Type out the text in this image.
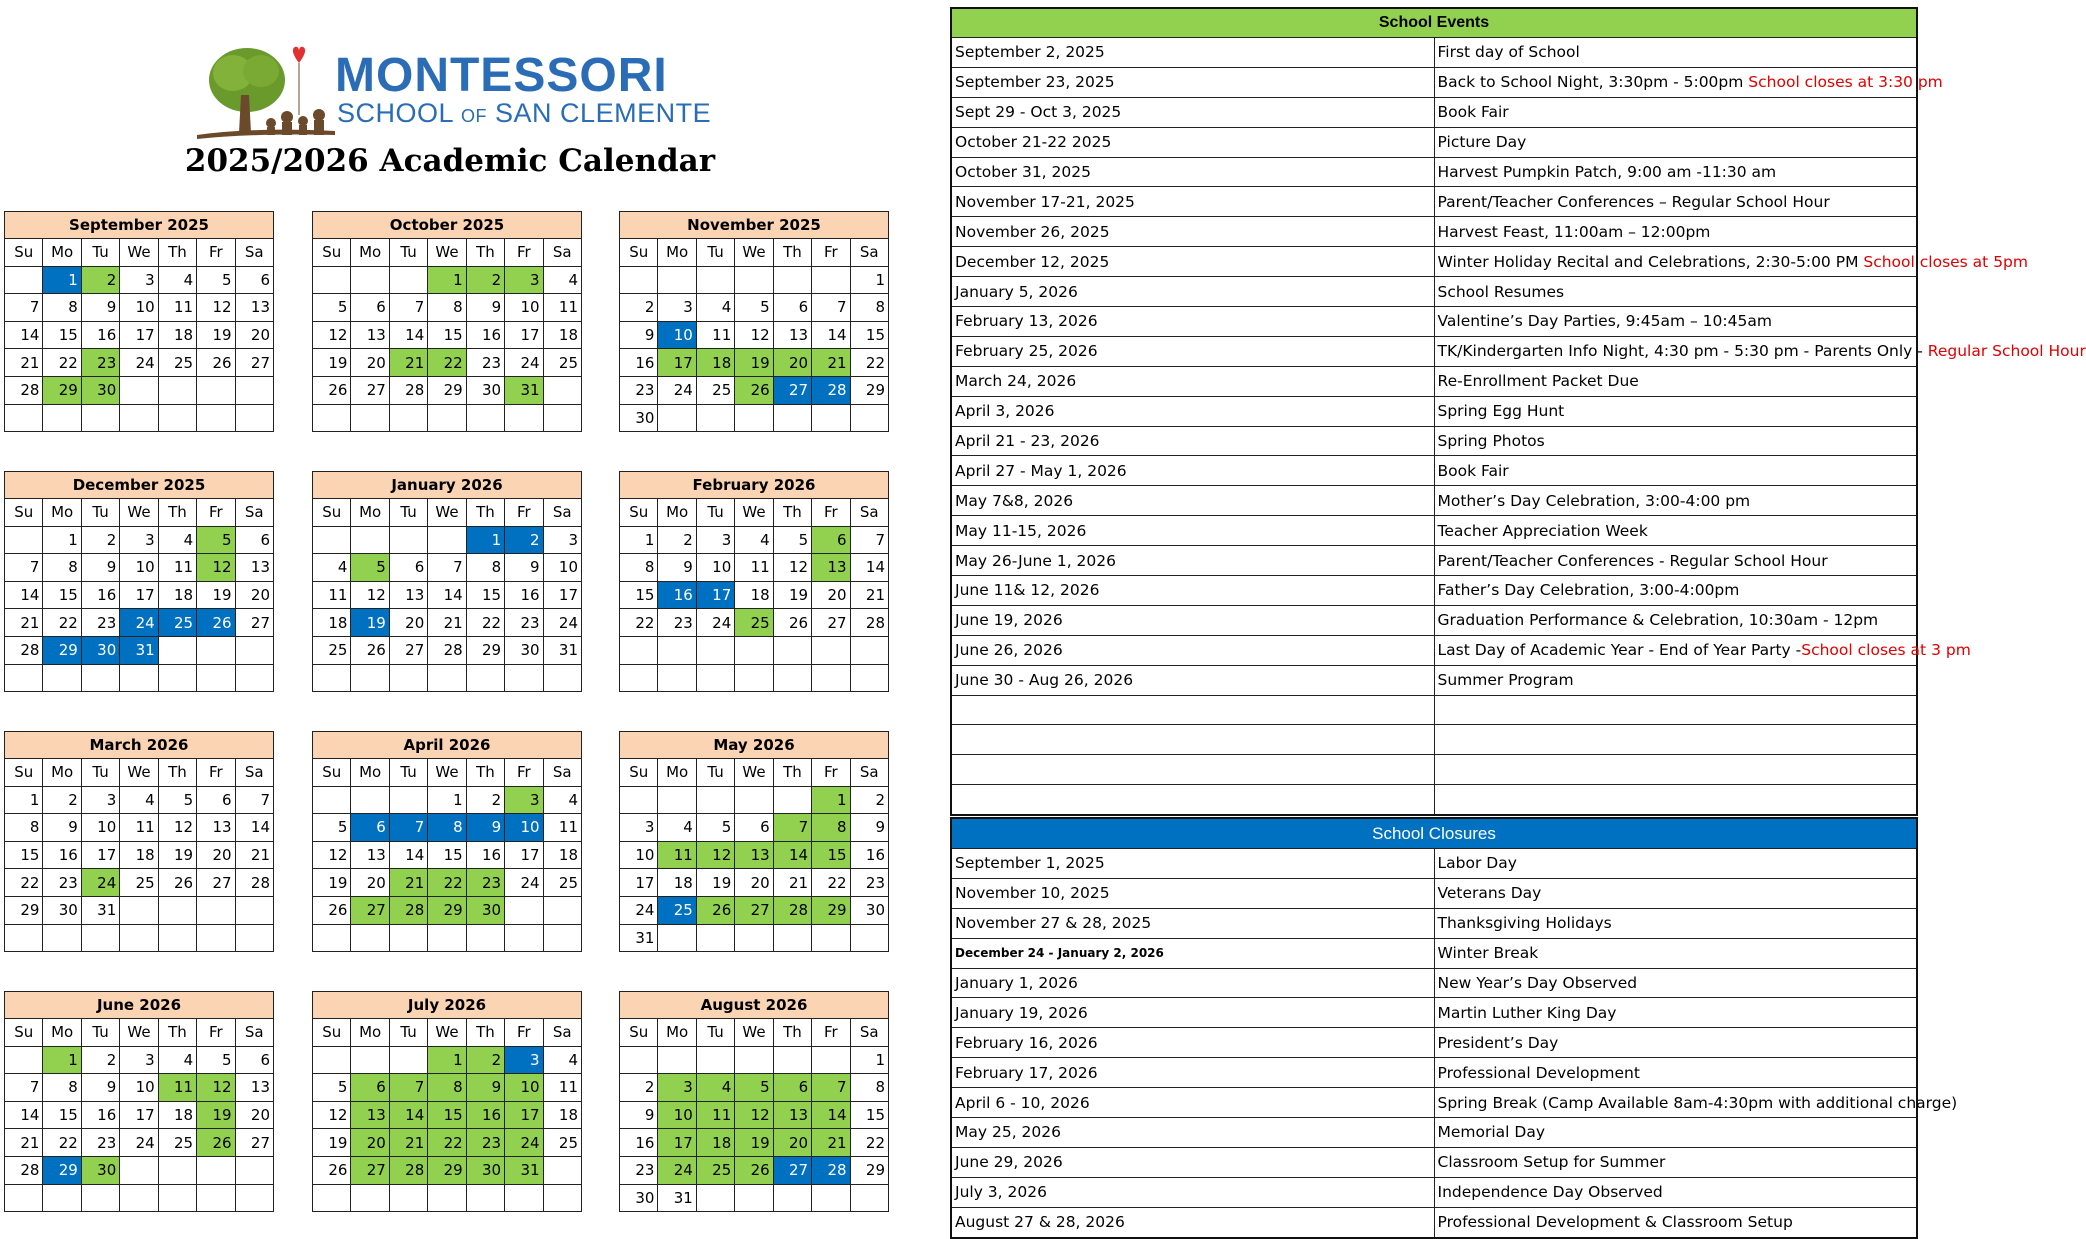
MONTESSORI
SCHOOL OF SAN CLEMENTE
2025/2026 Academic Calendar
September 2025						
Su	Mo	Tu	We	Th	Fr	Sa
	1	2	3	4	5	6
7	8	9	10	11	12	13
14	15	16	17	18	19	20
21	22	23	24	25	26	27
28	29	30				

October 2025						
Su	Mo	Tu	We	Th	Fr	Sa
			1	2	3	4
5	6	7	8	9	10	11
12	13	14	15	16	17	18
19	20	21	22	23	24	25
26	27	28	29	30	31	

November 2025						
Su	Mo	Tu	We	Th	Fr	Sa
						1
2	3	4	5	6	7	8
9	10	11	12	13	14	15
16	17	18	19	20	21	22
23	24	25	26	27	28	29
30						
December 2025						
Su	Mo	Tu	We	Th	Fr	Sa
	1	2	3	4	5	6
7	8	9	10	11	12	13
14	15	16	17	18	19	20
21	22	23	24	25	26	27
28	29	30	31			

January 2026						
Su	Mo	Tu	We	Th	Fr	Sa
				1	2	3
4	5	6	7	8	9	10
11	12	13	14	15	16	17
18	19	20	21	22	23	24
25	26	27	28	29	30	31

February 2026						
Su	Mo	Tu	We	Th	Fr	Sa
1	2	3	4	5	6	7
8	9	10	11	12	13	14
15	16	17	18	19	20	21
22	23	24	25	26	27	28

March 2026						
Su	Mo	Tu	We	Th	Fr	Sa
1	2	3	4	5	6	7
8	9	10	11	12	13	14
15	16	17	18	19	20	21
22	23	24	25	26	27	28
29	30	31				

April 2026						
Su	Mo	Tu	We	Th	Fr	Sa
			1	2	3	4
5	6	7	8	9	10	11
12	13	14	15	16	17	18
19	20	21	22	23	24	25
26	27	28	29	30		

May 2026						
Su	Mo	Tu	We	Th	Fr	Sa
					1	2
3	4	5	6	7	8	9
10	11	12	13	14	15	16
17	18	19	20	21	22	23
24	25	26	27	28	29	30
31						
June 2026						
Su	Mo	Tu	We	Th	Fr	Sa
	1	2	3	4	5	6
7	8	9	10	11	12	13
14	15	16	17	18	19	20
21	22	23	24	25	26	27
28	29	30				

July 2026						
Su	Mo	Tu	We	Th	Fr	Sa
			1	2	3	4
5	6	7	8	9	10	11
12	13	14	15	16	17	18
19	20	21	22	23	24	25
26	27	28	29	30	31	

August 2026						
Su	Mo	Tu	We	Th	Fr	Sa
						1
2	3	4	5	6	7	8
9	10	11	12	13	14	15
16	17	18	19	20	21	22
23	24	25	26	27	28	29
30	31					
School Events	
September 2, 2025	First day of School
September 23, 2025	Back to School Night, 3:30pm - 5:00pm School closes at 3:30 pm
Sept 29 - Oct 3, 2025	Book Fair
October 21-22 2025	Picture Day
October 31, 2025	Harvest Pumpkin Patch, 9:00 am -11:30 am
November 17-21, 2025	Parent/Teacher Conferences – Regular School Hour
November 26, 2025	Harvest Feast, 11:00am – 12:00pm
December 12, 2025	Winter Holiday Recital and Celebrations, 2:30-5:00 PM School closes at 5pm
January 5, 2026	School Resumes
February 13, 2026	Valentine’s Day Parties, 9:45am – 10:45am
February 25, 2026	TK/Kindergarten Info Night, 4:30 pm - 5:30 pm - Parents Only - Regular School Hour
March 24, 2026	Re-Enrollment Packet Due
April 3, 2026	Spring Egg Hunt
April 21 - 23, 2026	Spring Photos
April 27 - May 1, 2026	Book Fair
May 7&8, 2026	Mother’s Day Celebration, 3:00-4:00 pm
May 11-15, 2026	Teacher Appreciation Week
May 26-June 1, 2026	Parent/Teacher Conferences - Regular School Hour
June 11& 12, 2026	Father’s Day Celebration, 3:00-4:00pm
June 19, 2026	Graduation Performance & Celebration, 10:30am - 12pm
June 26, 2026	Last Day of Academic Year - End of Year Party -School closes at 3 pm
June 30 - Aug 26, 2026	Summer Program

School Closures	
September 1, 2025	Labor Day
November 10, 2025	Veterans Day
November 27 & 28, 2025	Thanksgiving Holidays
December 24 - January 2, 2026	Winter Break
January 1, 2026	New Year’s Day Observed
January 19, 2026	Martin Luther King Day
February 16, 2026	President’s Day
February 17, 2026	Professional Development
April 6 - 10, 2026	Spring Break (Camp Available 8am-4:30pm with additional charge)
May 25, 2026	Memorial Day
June 29, 2026	Classroom Setup for Summer
July 3, 2026	Independence Day Observed
August 27 & 28, 2026	Professional Development & Classroom Setup
